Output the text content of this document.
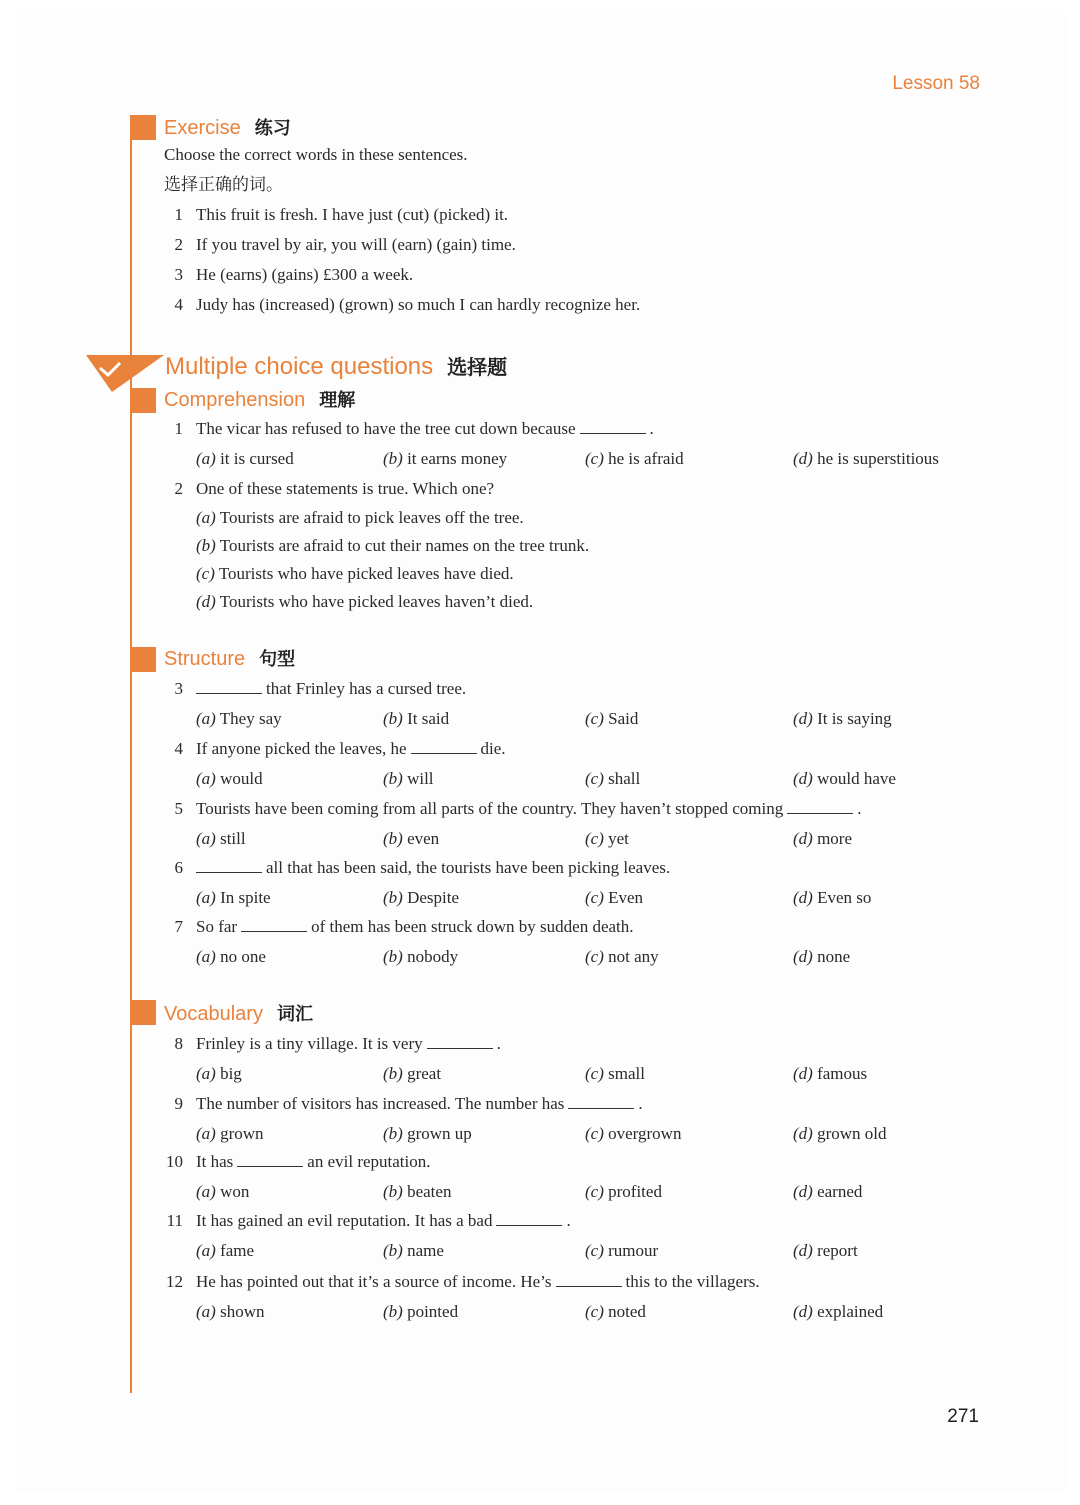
Lesson 58
Exercise 练习
Choose the correct words in these sentences.
选择正确的词。
1 This fruit is fresh. I have just (cut) (picked) it.
2 If you travel by air, you will (earn) (gain) time.
3 He (earns) (gains) £300 a week.
4 Judy has (increased) (grown) so much I can hardly recognize her.
Multiple choice questions 选择题
Comprehension 理解
1 The vicar has refused to have the tree cut down because	.
(a) it is cursed	(b) it earns money	(c) he is afraid	(d) he is superstitious
2 One of these statements is true. Which one?
(a) Tourists are afraid to pick leaves off the tree.
(b) Tourists are afraid to cut their names on the tree trunk.
(c) Tourists who have picked leaves have died.
(d) Tourists who have picked leaves haven’t died.
Structure 句型
3	that Frinley has a cursed tree.
(a) They say	(b) It said	(c) Said	(d) It is saying
4 If anyone picked the leaves, he	die.
(a) would	(b) will	(c) shall	(d) would have
5 Tourists have been coming from all parts of the country. They haven’t stopped coming	.
(a) still	(b) even	(c) yet	(d) more
6	all that has been said, the tourists have been picking leaves.
(a) In spite	(b) Despite	(c) Even	(d) Even so
7 So far	of them has been struck down by sudden death.
(a) no one	(b) nobody	(c) not any	(d) none
Vocabulary 词汇
8 Frinley is a tiny village. It is very	.
(a) big	(b) great	(c) small	(d) famous
9 The number of visitors has increased. The number has	.
(a) grown	(b) grown up	(c) overgrown	(d) grown old
10 It has	an evil reputation.
(a) won	(b) beaten	(c) profited	(d) earned
11 It has gained an evil reputation. It has a bad	.
(a) fame	(b) name	(c) rumour	(d) report
12 He has pointed out that it’s a source of income. He’s	this to the villagers.
(a) shown	(b) pointed	(c) noted	(d) explained
271
